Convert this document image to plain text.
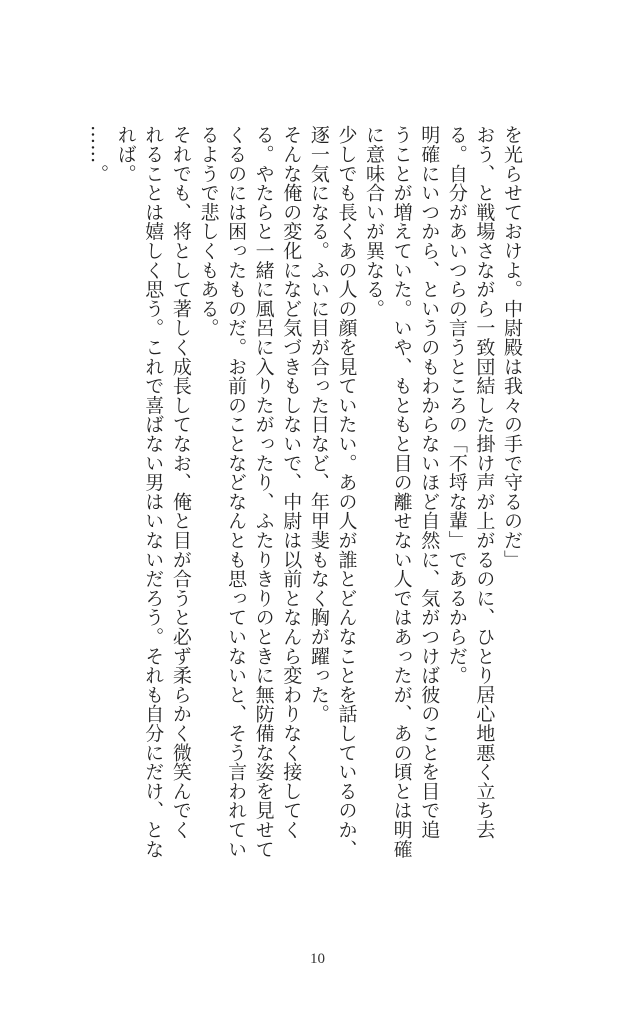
を光らせておけよ。中尉殿は我々の手で守るのだ」
おう、と戦場さながら一致団結した掛け声が上がるのに、ひとり居心地悪く立ち去
る。自分があいつらの言うところの「不埒な輩」であるからだ。
明確にいつから、というのもわからないほど自然に、気がつけば彼のことを目で追
うことが増えていた。いや、もともと目の離せない人ではあったが、あの頃とは明確
に意味合いが異なる。
少しでも長くあの人の顔を見ていたい。あの人が誰とどんなことを話しているのか、
逐一気になる。ふいに目が合った日など、年甲斐もなく胸が躍った。
そんな俺の変化になど気づきもしないで、中尉は以前となんら変わりなく接してく
る。やたらと一緒に風呂に入りたがったり、ふたりきりのときに無防備な姿を見せて
くるのには困ったものだ。お前のことなどなんとも思っていないと、そう言われてい
るようで悲しくもある。
それでも、将として著しく成長してなお、俺と目が合うと必ず柔らかく微笑んでく
れることは嬉しく思う。これで喜ばない男はいないだろう。それも自分にだけ、とな
れば。
……。
10
